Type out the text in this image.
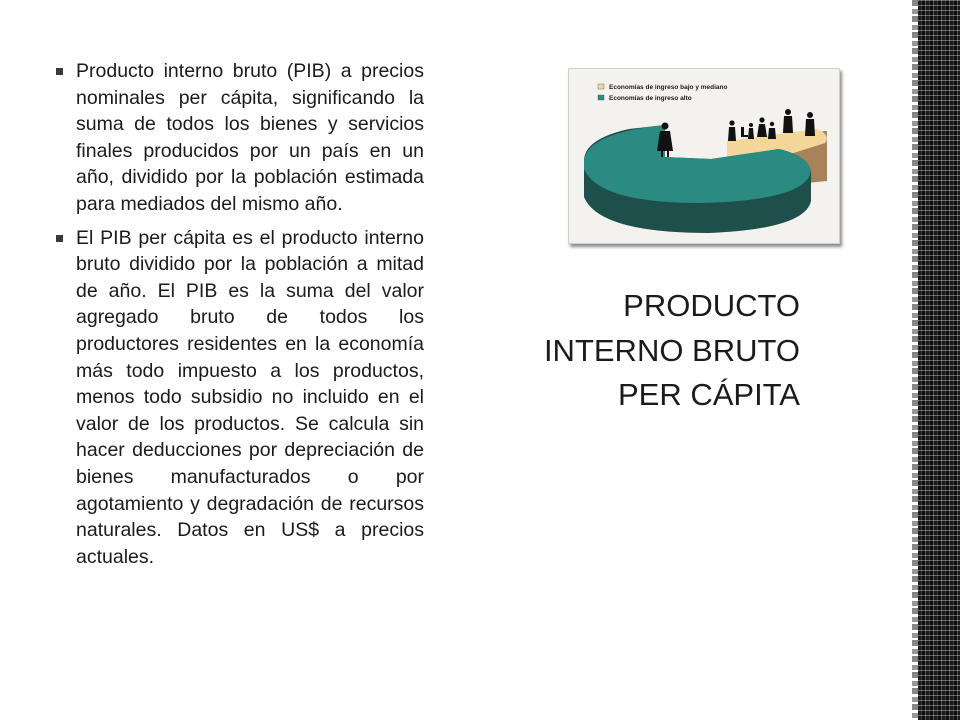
Producto interno bruto (PIB) a precios nominales per cápita, significando la suma de todos los bienes y servicios finales producidos por un país en un año, dividido por la población estimada para mediados del mismo año.
El PIB per cápita es el producto interno bruto dividido por la población a mitad de año. El PIB es la suma del valor agregado bruto de todos los productores residentes en la economía más todo impuesto a los productos, menos todo subsidio no incluido en el valor de los productos. Se calcula sin hacer deducciones por depreciación de bienes manufacturados o por agotamiento y degradación de recursos naturales. Datos en US$ a precios actuales.
Economías de ingreso bajo y mediano
Economías de ingreso alto
PRODUCTO
INTERNO BRUTO
PER CÁPITA
